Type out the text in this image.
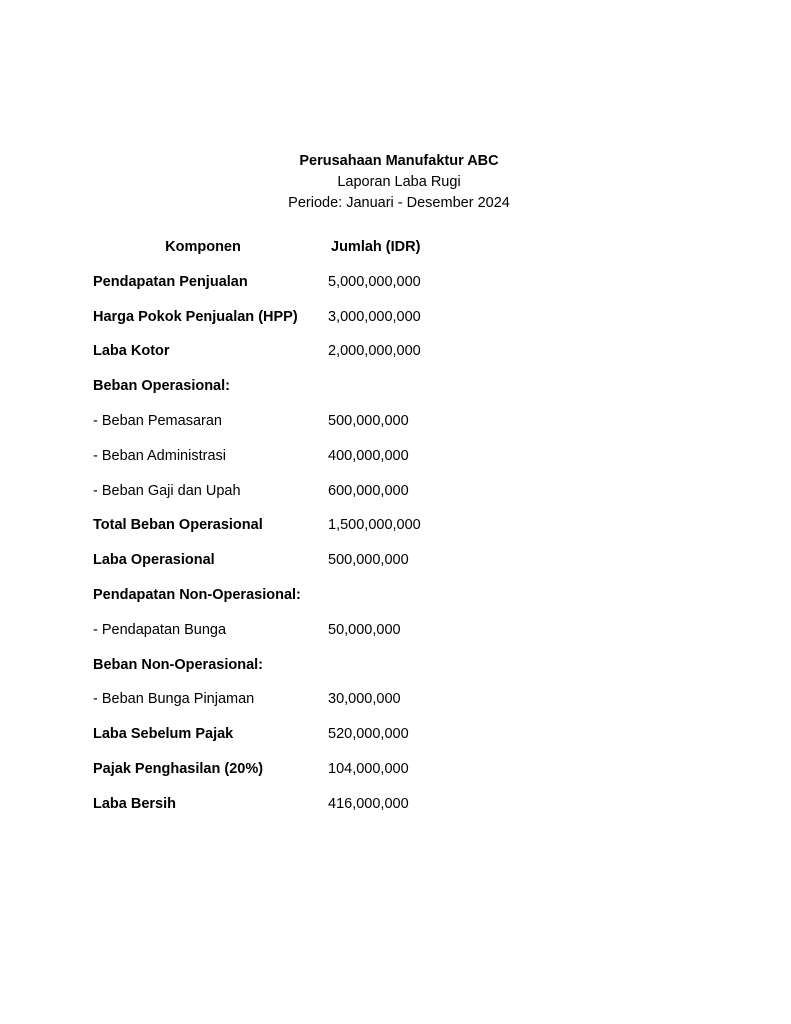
Perusahaan Manufaktur ABC
Laporan Laba Rugi
Periode: Januari - Desember 2024
Komponen	Jumlah (IDR)
Pendapatan Penjualan	5,000,000,000
Harga Pokok Penjualan (HPP) 3,000,000,000
Laba Kotor	2,000,000,000
Beban Operasional:
- Beban Pemasaran	500,000,000
- Beban Administrasi	400,000,000
- Beban Gaji dan Upah	600,000,000
Total Beban Operasional	1,500,000,000
Laba Operasional	500,000,000
Pendapatan Non-Operasional:
- Pendapatan Bunga	50,000,000
Beban Non-Operasional:
- Beban Bunga Pinjaman	30,000,000
Laba Sebelum Pajak	520,000,000
Pajak Penghasilan (20%)	104,000,000
Laba Bersih	416,000,000
